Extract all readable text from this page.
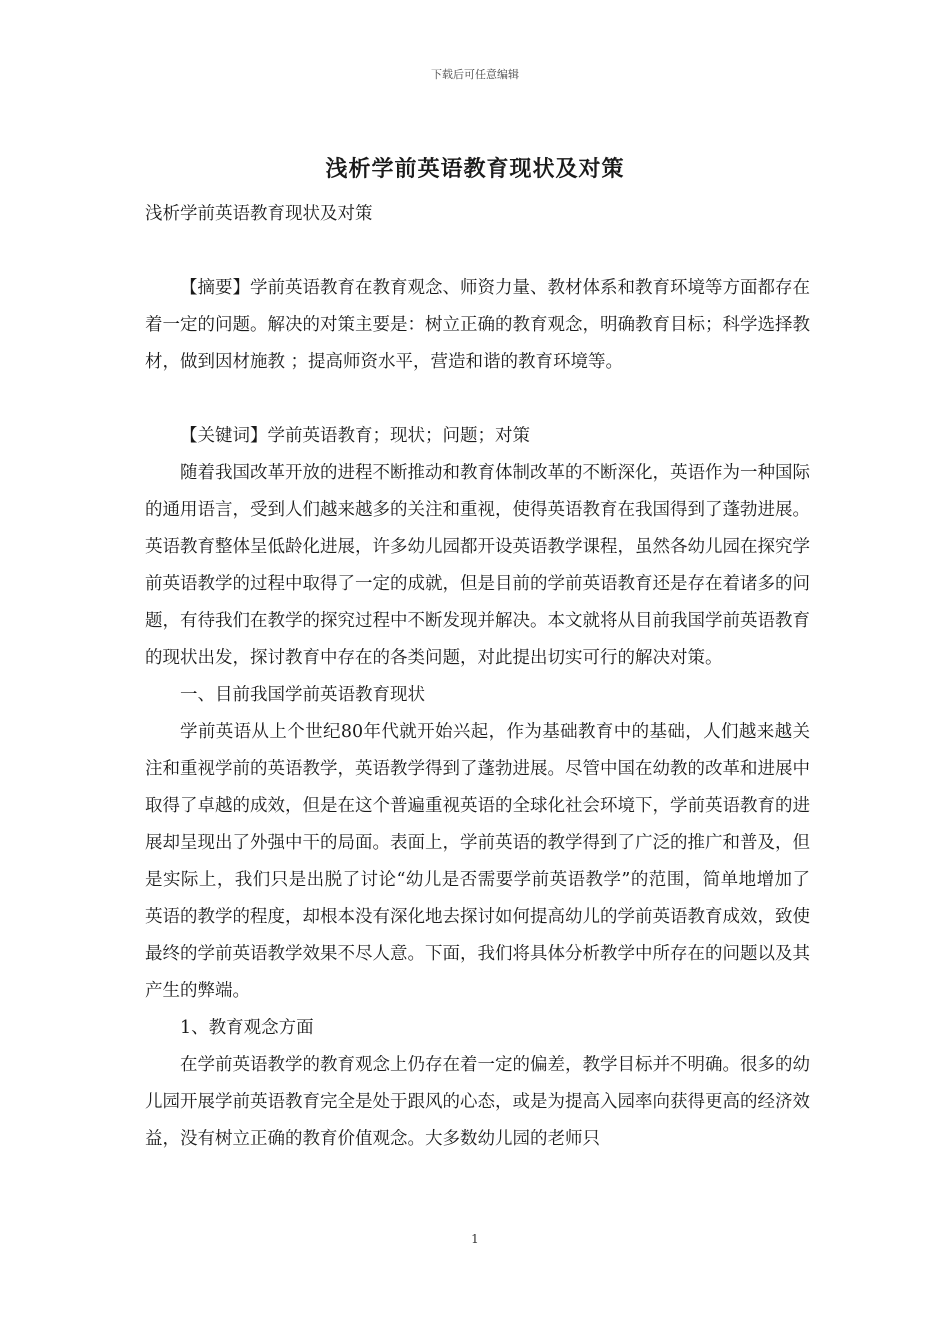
下载后可任意编辑
浅析学前英语教育现状及对策

浅析学前英语教育现状及对策

【摘要】学前英语教育在教育观念、师资力量、教材体系和教育环境等方面都存在着一定的问题。解决的对策主要是：树立正确的教育观念，明确教育目标；科学选择教材，做到因材施教 ；提高师资水平，营造和谐的教育环境等。

【关键词】学前英语教育；现状；问题；对策

随着我国改革开放的进程不断推动和教育体制改革的不断深化，英语作为一种国际的通用语言，受到人们越来越多的关注和重视，使得英语教育在我国得到了蓬勃进展。英语教育整体呈低龄化进展，许多幼儿园都开设英语教学课程，虽然各幼儿园在探究学前英语教学的过程中取得了一定的成就，但是目前的学前英语教育还是存在着诸多的问题，有待我们在教学的探究过程中不断发现并解决。本文就将从目前我国学前英语教育的现状出发，探讨教育中存在的各类问题，对此提出切实可行的解决对策。

一、目前我国学前英语教育现状

学前英语从上个世纪80年代就开始兴起，作为基础教育中的基础，人们越来越关注和重视学前的英语教学，英语教学得到了蓬勃进展。尽管中国在幼教的改革和进展中取得了卓越的成效，但是在这个普遍重视英语的全球化社会环境下，学前英语教育的进展却呈现出了外强中干的局面。表面上，学前英语的教学得到了广泛的推广和普及，但是实际上，我们只是出脱了讨论“幼儿是否需要学前英语教学”的范围，简单地增加了英语的教学的程度，却根本没有深化地去探讨如何提高幼儿的学前英语教育成效，致使最终的学前英语教学效果不尽人意。下面，我们将具体分析教学中所存在的问题以及其产生的弊端。

1、教育观念方面

在学前英语教学的教育观念上仍存在着一定的偏差，教学目标并不明确。很多的幼儿园开展学前英语教育完全是处于跟风的心态，或是为提高入园率向获得更高的经济效益，没有树立正确的教育价值观念。大多数幼儿园的老师只

1
